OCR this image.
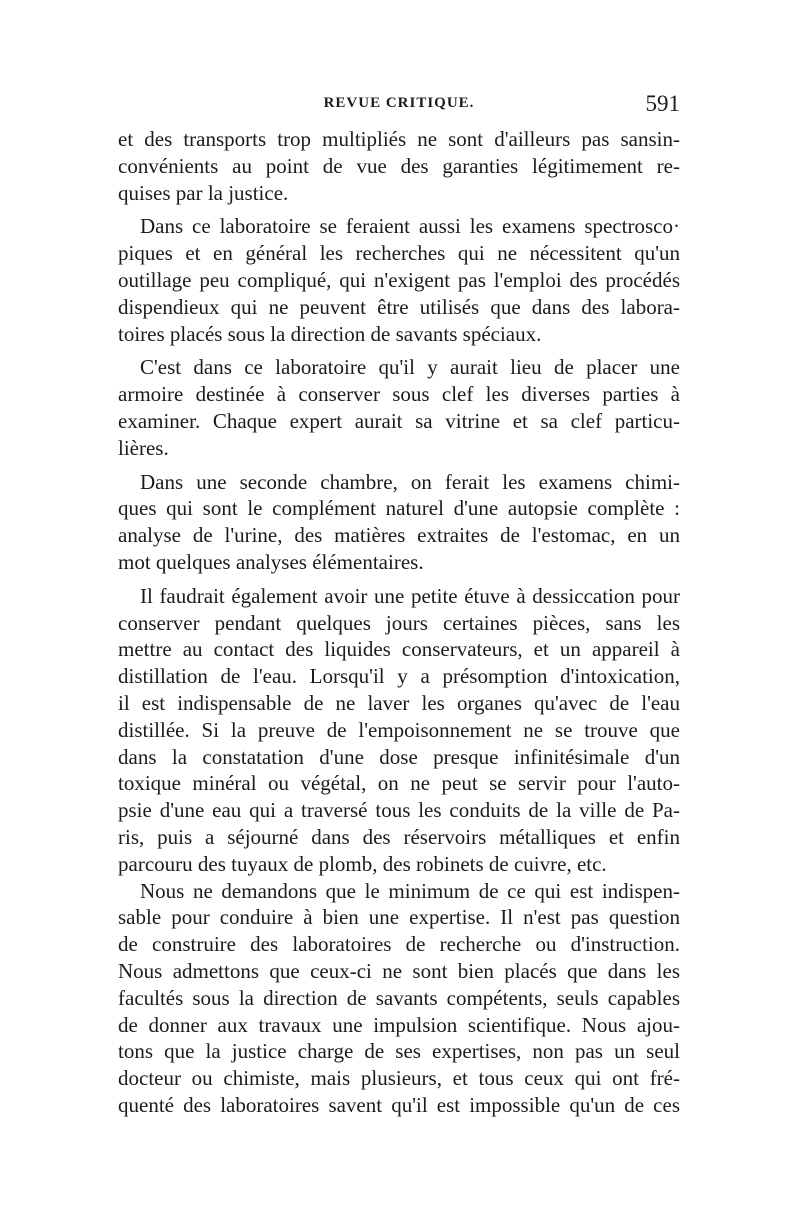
REVUE CRITIQUE.	591
et des transports trop multipliés ne sont d'ailleurs pas sansin-
convénients au point de vue des garanties légitimement re-
quises par la justice.
Dans ce laboratoire se feraient aussi les examens spectrosco·
piques et en général les recherches qui ne nécessitent qu'un
outillage peu compliqué, qui n'exigent pas l'emploi des procédés
dispendieux qui ne peuvent être utilisés que dans des labora-
toires placés sous la direction de savants spéciaux.
C'est dans ce laboratoire qu'il y aurait lieu de placer une
armoire destinée à conserver sous clef les diverses parties à
examiner. Chaque expert aurait sa vitrine et sa clef particu-
lières.
Dans une seconde chambre, on ferait les examens chimi-
ques qui sont le complément naturel d'une autopsie complète :
analyse de l'urine, des matières extraites de l'estomac, en un
mot quelques analyses élémentaires.
Il faudrait également avoir une petite étuve à dessiccation pour
conserver pendant quelques jours certaines pièces, sans les
mettre au contact des liquides conservateurs, et un appareil à
distillation de l'eau. Lorsqu'il y a présomption d'intoxication,
il est indispensable de ne laver les organes qu'avec de l'eau
distillée. Si la preuve de l'empoisonnement ne se trouve que
dans la constatation d'une dose presque infinitésimale d'un
toxique minéral ou végétal, on ne peut se servir pour l'auto-
psie d'une eau qui a traversé tous les conduits de la ville de Pa-
ris, puis a séjourné dans des réservoirs métalliques et enfin
parcouru des tuyaux de plomb, des robinets de cuivre, etc.
Nous ne demandons que le minimum de ce qui est indispen-
sable pour conduire à bien une expertise. Il n'est pas question
de construire des laboratoires de recherche ou d'instruction.
Nous admettons que ceux-ci ne sont bien placés que dans les
facultés sous la direction de savants compétents, seuls capables
de donner aux travaux une impulsion scientifique. Nous ajou-
tons que la justice charge de ses expertises, non pas un seul
docteur ou chimiste, mais plusieurs, et tous ceux qui ont fré-
quenté des laboratoires savent qu'il est impossible qu'un de ces
